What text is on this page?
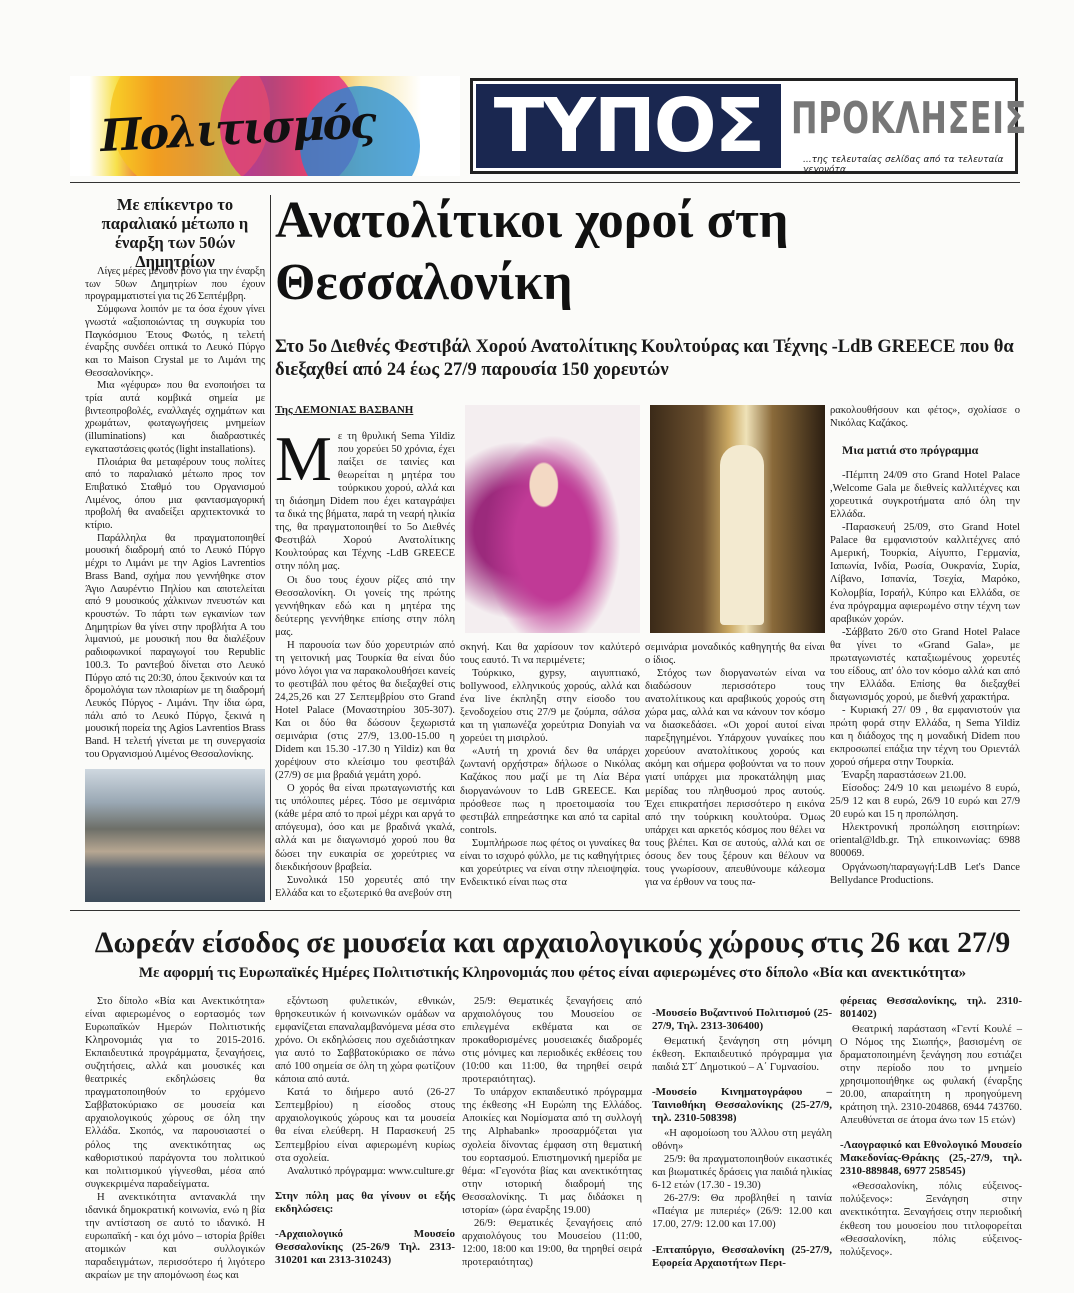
Πολιτισμός ΤΥΠΟΣ ΠΡΟΚΛΗΣΕΙΣ
...της τελευταίας σελίδας από τα τελευταία γεγονότα
Με επίκεντρο το παραλιακό μέτωπο η έναρξη των 50ών Δημητρίων

Λίγες μέρες μένουν μόνο για την έναρξη των 50ων Δημητρίων που έχουν προγραμματιστεί για τις 26 Σεπτέμβρη.

Σύμφωνα λοιπόν με τα όσα έχουν γίνει γνωστά «αξιοποιώντας τη συγκυρία του Παγκόσμιου Έτους Φωτός, η τελετή έναρξης συνδέει οπτικά το Λευκό Πύργο και το Maison Crystal με το Λιμάνι της Θεσσαλονίκης».

Μια «γέφυρα» που θα ενοποιήσει τα τρία αυτά κομβικά σημεία με βιντεοπροβολές, εναλλαγές σχημάτων και χρωμάτων, φωταγωγήσεις μνημείων (illuminations) και διαδραστικές εγκαταστάσεις φωτός (light installations).

Πλοιάρια θα μεταφέρουν τους πολίτες από το παραλιακό μέτωπο προς τον Επιβατικό Σταθμό του Οργανισμού Λιμένος, όπου μια φαντασμαγορική προβολή θα αναδείξει αρχιτεκτονικά το κτίριο.

Παράλληλα θα πραγματοποιηθεί μουσική διαδρομή από το Λευκό Πύργο μέχρι το Λιμάνι με την Agios Lavrentios Brass Band, σχήμα που γεννήθηκε στον Άγιο Λαυρέντιο Πηλίου και αποτελείται από 9 μουσικούς χάλκινων πνευστών και κρουστών. Το πάρτι των εγκαινίων των Δημητρίων θα γίνει στην προβλήτα Α του λιμανιού, με μουσική που θα διαλέξουν ραδιοφωνικοί παραγωγοί του Republic 100.3. Το ραντεβού δίνεται στο Λευκό Πύργο από τις 20:30, όπου ξεκινούν και τα δρομολόγια των πλοιαρίων με τη διαδρομή Λευκός Πύργος - Λιμάνι. Την ίδια ώρα, πάλι από το Λευκό Πύργο, ξεκινά η μουσική πορεία της Agios Lavrentios Brass Band. Η τελετή γίνεται με τη συνεργασία του Οργανισμού Λιμένος Θεσσαλονίκης.

Ανατολίτικοι χοροί στη Θεσσαλονίκη
Στο 5ο Διεθνές Φεστιβάλ Χορού Ανατολίτικης Κουλτούρας και Τέχνης -LdB GREECE που θα διεξαχθεί από 24 έως 27/9 παρουσία 150 χορευτών
Της ΛΕΜΟΝΙΑΣ ΒΑΣΒΑΝΗ
Μ ε τη θρυλική Sema Yildiz που χορεύει 50 χρόνια, έχει παίξει σε ταινίες και θεωρείται η μητέρα του τούρκικου χορού, αλλά και τη διάσημη Didem που έχει καταγράψει τα δικά της βήματα, παρά τη νεαρή ηλικία της, θα πραγματοποιηθεί το 5ο Διεθνές Φεστιβάλ Χορού Ανατολίτικης Κουλτούρας και Τέχνης -LdB GREECE στην πόλη μας.

Οι δυο τους έχουν ρίζες από την Θεσσαλονίκη. Οι γονείς της πρώτης γεννήθηκαν εδώ και η μητέρα της δεύτερης γεννήθηκε επίσης στην πόλη μας.

Η παρουσία των δύο χορευτριών από τη γειτονική μας Τουρκία θα είναι δύο μόνο λόγοι για να παρακολουθήσει κανείς το φεστιβάλ που φέτος θα διεξαχθεί στις 24,25,26 και 27 Σεπτεμβρίου στο Grand Hotel Palace (Μοναστηρίου 305-307). Και οι δύο θα δώσουν ξεχωριστά σεμινάρια (στις 27/9, 13.00-15.00 η Didem και 15.30 -17.30 η Yildiz) και θα χορέψουν στο κλείσιμο του φεστιβάλ (27/9) σε μια βραδιά γεμάτη χορό.

Ο χορός θα είναι πρωταγωνιστής και τις υπόλοιπες μέρες. Τόσο με σεμινάρια (κάθε μέρα από το πρωί μέχρι και αργά το απόγευμα), όσο και με βραδινά γκαλά, αλλά και με διαγωνισμό χορού που θα δώσει την ευκαιρία σε χορεύτριες να διεκδικήσουν βραβεία.

Συνολικά 150 χορευτές από την Ελλάδα και το εξωτερικό θα ανεβούν στη

σκηνή. Και θα χαρίσουν τον καλύτερό τους εαυτό. Τι να περιμένετε;

Τούρκικο, gypsy, αιγυπτιακό, bollywood, ελληνικούς χορούς, αλλά και ένα live έκπληξη στην είσοδο του ξενοδοχείου στις 27/9 με ζούμπα, σάλσα και τη γιαπωνέζα χορεύτρια Donyiah να χορεύει τη μισιρλού.

«Αυτή τη χρονιά δεν θα υπάρχει ζωντανή ορχήστρα» δήλωσε ο Νικόλας Καζάκος που μαζί με τη Λία Βέρα διοργανώνουν το LdB GREECE. Και πρόσθεσε πως η προετοιμασία του φεστιβάλ επηρεάστηκε και από τα capital controls.

Συμπλήρωσε πως φέτος οι γυναίκες θα είναι το ισχυρό φύλλο, με τις καθηγήτριες και χορεύτριες να είναι στην πλειοψηφία. Ενδεικτικό είναι πως στα

σεμινάρια μοναδικός καθηγητής θα είναι ο ίδιος.

Στόχος των διοργανωτών είναι να διαδώσουν περισσότερο τους ανατολίτικους και αραβικούς χορούς στη χώρα μας, αλλά και να κάνουν τον κόσμο να διασκεδάσει. «Οι χοροί αυτοί είναι παρεξηγημένοι. Υπάρχουν γυναίκες που χορεύουν ανατολίτικους χορούς και ακόμη και σήμερα φοβούνται να το πουν γιατί υπάρχει μια προκατάληψη μιας μερίδας του πληθυσμού προς αυτούς. Έχει επικρατήσει περισσότερο η εικόνα από την τούρκικη κουλτούρα. Όμως υπάρχει και αρκετός κόσμος που θέλει να τους βλέπει. Και σε αυτούς, αλλά και σε όσους δεν τους ξέρουν και θέλουν να τους γνωρίσουν, απευθύνουμε κάλεσμα για να έρθουν να τους πα-

ρακολουθήσουν και φέτος», σχολίασε ο Νικόλας Καζάκος.

Μια ματιά στο πρόγραμμα

-Πέμπτη 24/09 στο Grand Hotel Palace ,Welcome Gala με διεθνείς καλλιτέχνες και χορευτικά συγκροτήματα από όλη την Ελλάδα.

-Παρασκευή 25/09, στο Grand Hotel Palace θα εμφανιστούν καλλιτέχνες από Αμερική, Τουρκία, Αίγυπτο, Γερμανία, Ιαπωνία, Ινδία, Ρωσία, Ουκρανία, Συρία, Λίβανο, Ισπανία, Τσεχία, Μαρόκο, Κολομβία, Ισραήλ, Κύπρο και Ελλάδα, σε ένα πρόγραμμα αφιερωμένο στην τέχνη των αραβικών χορών.

-Σάββατο 26/0 στο Grand Hotel Palace θα γίνει το «Grand Gala», με πρωταγωνιστές καταξιωμένους χορευτές του είδους, απ' όλο τον κόσμο αλλά και από την Ελλάδα. Επίσης θα διεξαχθεί διαγωνισμός χορού, με διεθνή χαρακτήρα.

- Κυριακή 27/ 09 , θα εμφανιστούν για πρώτη φορά στην Ελλάδα, η Sema Yildiz και η διάδοχος της η μοναδική Didem που εκπροσωπεί επάξια την τέχνη του Οριεντάλ χορού σήμερα στην Τουρκία.

Έναρξη παραστάσεων 21.00.

Είσοδος: 24/9 10 και μειωμένο 8 ευρώ, 25/9 12 και 8 ευρώ, 26/9 10 ευρώ και 27/9 20 ευρώ και 15 η προπώληση.

Ηλεκτρονική προπώληση εισιτηρίων: oriental@ldb.gr. Τηλ επικοινωνίας: 6988 800069.

Οργάνωση/παραγωγή:LdB Let's Dance Bellydance Productions.

Δωρεάν είσοδος σε μουσεία και αρχαιολογικούς χώρους στις 26 και 27/9
Με αφορμή τις Ευρωπαϊκές Ημέρες Πολιτιστικής Κληρονομιάς που φέτος είναι αφιερωμένες στο δίπολο «Βία και ανεκτικότητα»

Στο δίπολο «Βία και Ανεκτικότητα» είναι αφιερωμένος ο εορτασμός των Ευρωπαϊκών Ημερών Πολιτιστικής Κληρονομιάς για το 2015-2016. Εκπαιδευτικά προγράμματα, ξεναγήσεις, συζητήσεις, αλλά και μουσικές και θεατρικές εκδηλώσεις θα πραγματοποιηθούν το ερχόμενο Σαββατοκύριακο σε μουσεία και αρχαιολογικούς χώρους σε όλη την Ελλάδα. Σκοπός, να παρουσιαστεί ο ρόλος της ανεκτικότητας ως καθοριστικού παράγοντα του πολιτικού και πολιτισμικού γίγνεσθαι, μέσα από συγκεκριμένα παραδείγματα.

Η ανεκτικότητα αντανακλά την ιδανικά δημοκρατική κοινωνία, ενώ η βία την αντίσταση σε αυτό το ιδανικό. Η ευρωπαϊκή - και όχι μόνο – ιστορία βρίθει ατομικών και συλλογικών παραδειγμάτων, περισσότερο ή λιγότερο ακραίων με την απομόνωση έως και

εξόντωση φυλετικών, εθνικών, θρησκευτικών ή κοινωνικών ομάδων να εμφανίζεται επαναλαμβανόμενα μέσα στο χρόνο. Οι εκδηλώσεις που σχεδιάστηκαν για αυτό το Σαββατοκύριακο σε πάνω από 100 σημεία σε όλη τη χώρα φωτίζουν κάποια από αυτά.

Κατά το διήμερο αυτό (26-27 Σεπτεμβρίου) η είσοδος στους αρχαιολογικούς χώρους και τα μουσεία θα είναι ελεύθερη. Η Παρασκευή 25 Σεπτεμβρίου είναι αφιερωμένη κυρίως στα σχολεία.

Αναλυτικό πρόγραμμα: www.culture.gr

Στην πόλη μας θα γίνουν οι εξής εκδηλώσεις:

-Αρχαιολογικό Μουσείο Θεσσαλονίκης (25-26/9 Τηλ. 2313-310201 και 2313-310243)

25/9: Θεματικές ξεναγήσεις από αρχαιολόγους του Μουσείου σε επιλεγμένα εκθέματα και σε προκαθορισμένες μουσειακές διαδρομές στις μόνιμες και περιοδικές εκθέσεις του (10:00 και 11:00, θα τηρηθεί σειρά προτεραιότητας).

Το υπάρχον εκπαιδευτικό πρόγραμμα της έκθεσης «Η Ευρώπη της Ελλάδος. Αποικίες και Νομίσματα από τη συλλογή της Alphabank» προσαρμόζεται για σχολεία δίνοντας έμφαση στη θεματική του εορτασμού. Επιστημονική ημερίδα με θέμα: «Γεγονότα βίας και ανεκτικότητας στην ιστορική διαδρομή της Θεσσαλονίκης. Τι μας διδάσκει η ιστορία» (ώρα έναρξης 19.00)

26/9: Θεματικές ξεναγήσεις από αρχαιολόγους του Μουσείου (11:00, 12:00, 18:00 και 19:00, θα τηρηθεί σειρά προτεραιότητας)

-Μουσείο Βυζαντινού Πολιτισμού (25-27/9, Τηλ. 2313-306400)

Θεματική ξενάγηση στη μόνιμη έκθεση. Εκπαιδευτικό πρόγραμμα για παιδιά ΣΤ΄ Δημοτικού – Α΄ Γυμνασίου.

-Μουσείο Κινηματογράφου – Ταινιοθήκη Θεσσαλονίκης (25-27/9, τηλ. 2310-508398)

«Η αφομοίωση του Άλλου στη μεγάλη οθόνη»

25/9: θα πραγματοποιηθούν εικαστικές και βιωματικές δράσεις για παιδιά ηλικίας 6-12 ετών (17.30 - 19.30)

26-27/9: Θα προβληθεί η ταινία «Παέγια με πιπεριές» (26/9: 12.00 και 17.00, 27/9: 12.00 και 17.00)

-Επταπύργιο, Θεσσαλονίκη (25-27/9, Εφορεία Αρχαιοτήτων Περι-

φέρειας Θεσσαλονίκης, τηλ. 2310-801402)

Θεατρική παράσταση «Γεντί Κουλέ – Ο Νόμος της Σιωπής», βασισμένη σε δραματοποιημένη ξενάγηση που εστιάζει στην περίοδο που το μνημείο χρησιμοποιήθηκε ως φυλακή (έναρξης 20.00, απαραίτητη η προηγούμενη κράτηση τηλ. 2310-204868, 6944 743760. Απευθύνεται σε άτομα άνω των 15 ετών)

-Λαογραφικό και Εθνολογικό Μουσείο Μακεδονίας-Θράκης (25,-27/9, τηλ. 2310-889848, 6977 258545)

«Θεσσαλονίκη, πόλις εύξεινος-πολύξενος»: Ξενάγηση στην ανεκτικότητα. Ξεναγήσεις στην περιοδική έκθεση του μουσείου που τιτλοφορείται «Θεσσαλονίκη, πόλις εύξεινος-πολύξενος».
